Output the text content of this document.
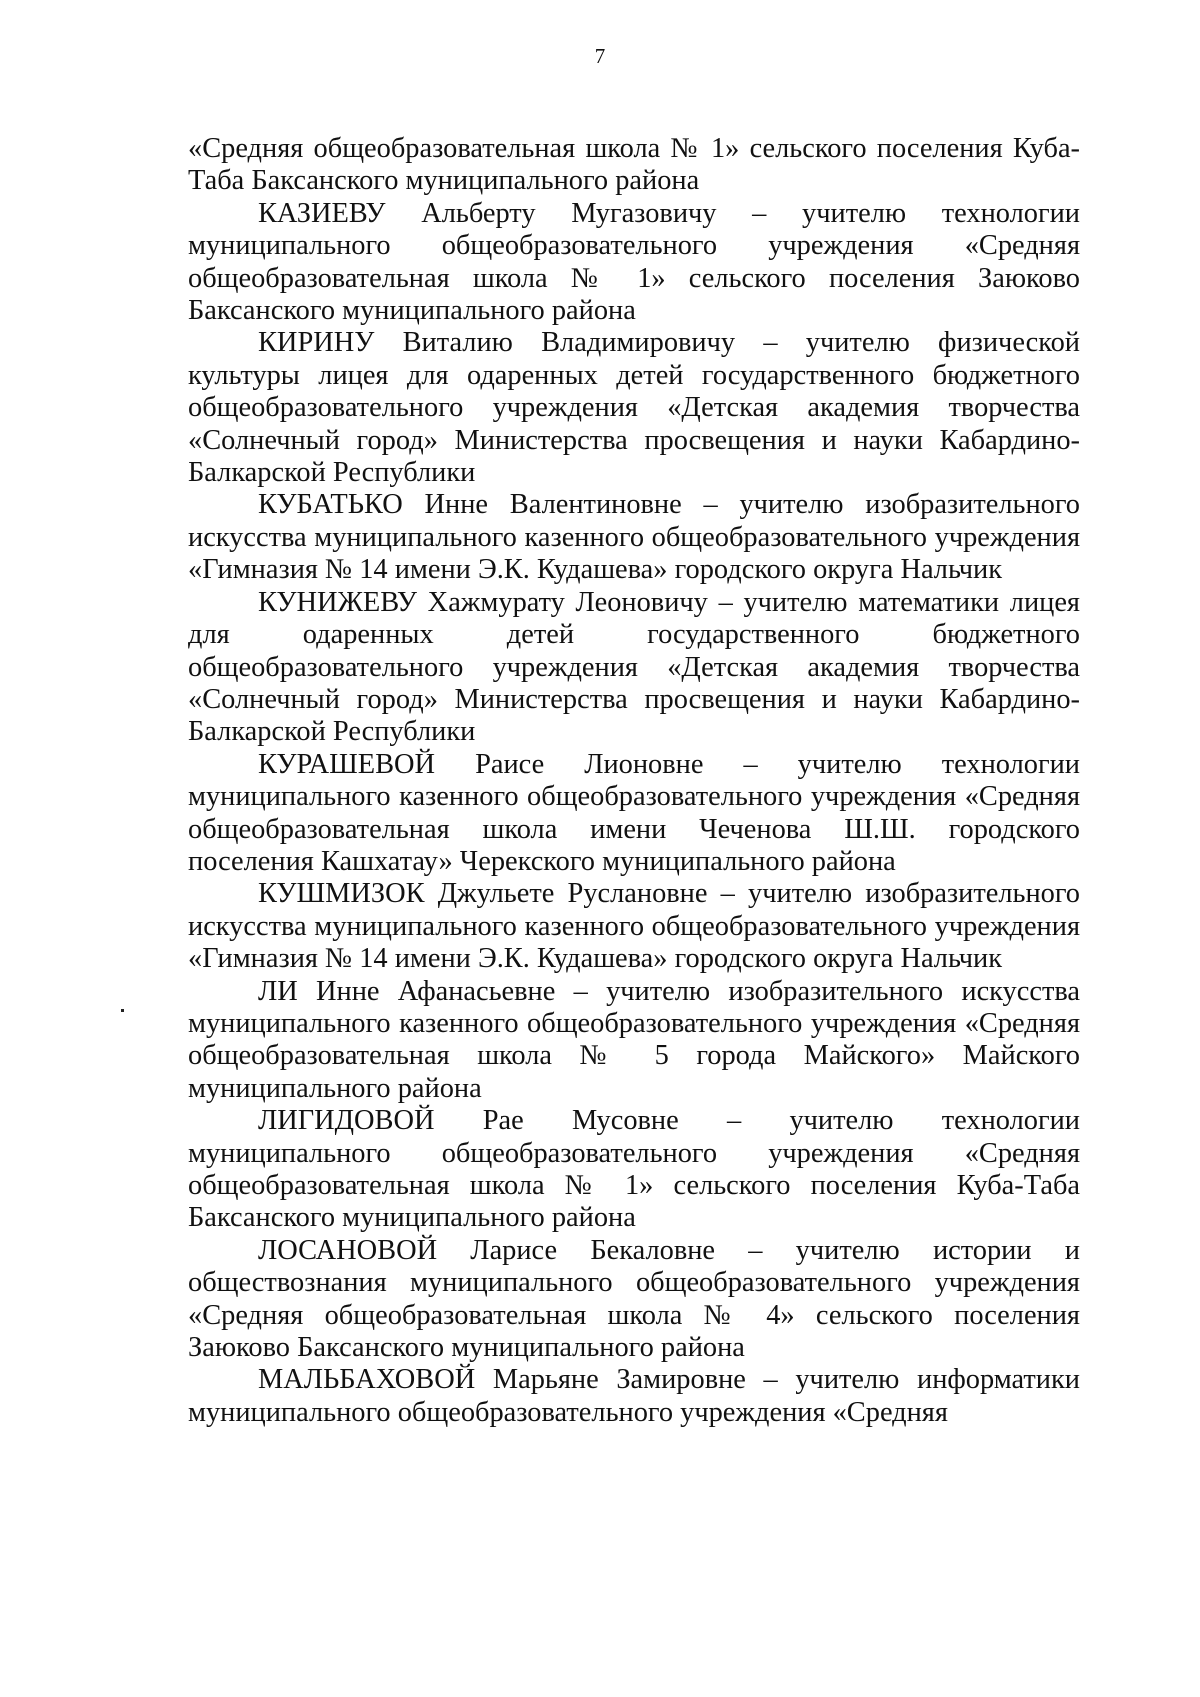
7

«Средняя общеобразовательная школа № 1» сельского поселения Куба-Таба Баксанского муниципального района

КАЗИЕВУ Альберту Мугазовичу – учителю технологии муниципального общеобразовательного учреждения «Средняя общеобразовательная школа № 1» сельского поселения Заюково Баксанского муниципального района

КИРИНУ Виталию Владимировичу – учителю физической культуры лицея для одаренных детей государственного бюджетного общеобразовательного учреждения «Детская академия творчества «Солнечный город» Министерства просвещения и науки Кабардино-Балкарской Республики

КУБАТЬКО Инне Валентиновне – учителю изобразительного искусства муниципального казенного общеобразовательного учреждения «Гимназия № 14 имени Э.К. Кудашева» городского округа Нальчик

КУНИЖЕВУ Хажмурату Леоновичу – учителю математики лицея для одаренных детей государственного бюджетного общеобразовательного учреждения «Детская академия творчества «Солнечный город» Министерства просвещения и науки Кабардино-Балкарской Республики

КУРАШЕВОЙ Раисе Лионовне – учителю технологии муниципального казенного общеобразовательного учреждения «Средняя общеобразовательная школа имени Чеченова Ш.Ш. городского поселения Кашхатау» Черекского муниципального района

КУШМИЗОК Джульете Руслановне – учителю изобразительного искусства муниципального казенного общеобразовательного учреждения «Гимназия № 14 имени Э.К. Кудашева» городского округа Нальчик

ЛИ Инне Афанасьевне – учителю изобразительного искусства муниципального казенного общеобразовательного учреждения «Средняя общеобразовательная школа № 5 города Майского» Майского муниципального района

ЛИГИДОВОЙ Рае Мусовне – учителю технологии муниципального общеобразовательного учреждения «Средняя общеобразовательная школа № 1» сельского поселения Куба-Таба Баксанского муниципального района

ЛОСАНОВОЙ Ларисе Бекаловне – учителю истории и обществознания муниципального общеобразовательного учреждения «Средняя общеобразовательная школа № 4» сельского поселения Заюково Баксанского муниципального района

МАЛЬБАХОВОЙ Марьяне Замировне – учителю информатики муниципального общеобразовательного учреждения «Средняя
